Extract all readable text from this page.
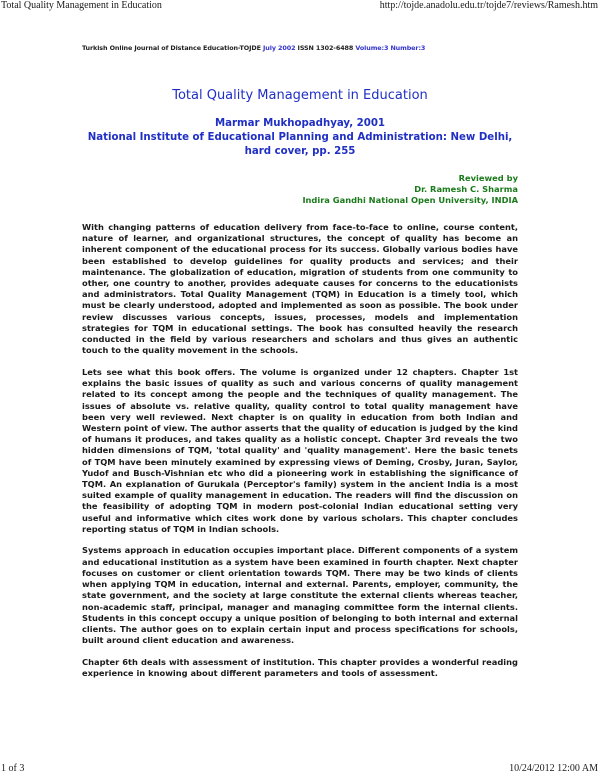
Total Quality Management in Education	http://tojde.anadolu.edu.tr/tojde7/reviews/Ramesh.htm
Turkish Online Journal of Distance Education-TOJDE July 2002 ISSN 1302-6488 Volume:3 Number:3
Total Quality Management in Education
Marmar Mukhopadhyay, 2001
National Institute of Educational Planning and Administration: New Delhi,
hard cover, pp. 255
Reviewed by
Dr. Ramesh C. Sharma
Indira Gandhi National Open University, INDIA

With changing patterns of education delivery from face-to-face to online, course content, nature of learner, and organizational structures, the concept of quality has become an inherent component of the educational process for its success. Globally various bodies have been established to develop guidelines for quality products and services; and their maintenance. The globalization of education, migration of students from one community to other, one country to another, provides adequate causes for concerns to the educationists and administrators. Total Quality Management (TQM) in Education is a timely tool, which must be clearly understood, adopted and implemented as soon as possible. The book under review discusses various concepts, issues, processes, models and implementation strategies for TQM in educational settings. The book has consulted heavily the research conducted in the field by various researchers and scholars and thus gives an authentic touch to the quality movement in the schools.

Lets see what this book offers. The volume is organized under 12 chapters. Chapter 1st explains the basic issues of quality as such and various concerns of quality management related to its concept among the people and the techniques of quality management. The issues of absolute vs. relative quality, quality control to total quality management have been very well reviewed. Next chapter is on quality in education from both Indian and Western point of view. The author asserts that the quality of education is judged by the kind of humans it produces, and takes quality as a holistic concept. Chapter 3rd reveals the two hidden dimensions of TQM, 'total quality' and 'quality management'. Here the basic tenets of TQM have been minutely examined by expressing views of Deming, Crosby, Juran, Saylor, Yudof and Busch-Vishnian etc who did a pioneering work in establishing the significance of TQM. An explanation of Gurukala (Perceptor's family) system in the ancient India is a most suited example of quality management in education. The readers will find the discussion on the feasibility of adopting TQM in modern post-colonial Indian educational setting very useful and informative which cites work done by various scholars. This chapter concludes reporting status of TQM in Indian schools.

Systems approach in education occupies important place. Different components of a system and educational institution as a system have been examined in fourth chapter. Next chapter focuses on customer or client orientation towards TQM. There may be two kinds of clients when applying TQM in education, internal and external. Parents, employer, community, the state government, and the society at large constitute the external clients whereas teacher, non-academic staff, principal, manager and managing committee form the internal clients. Students in this concept occupy a unique position of belonging to both internal and external clients. The author goes on to explain certain input and process specifications for schools, built around client education and awareness.

Chapter 6th deals with assessment of institution. This chapter provides a wonderful reading experience in knowing about different parameters and tools of assessment.

1 of 3	10/24/2012 12:00 AM
